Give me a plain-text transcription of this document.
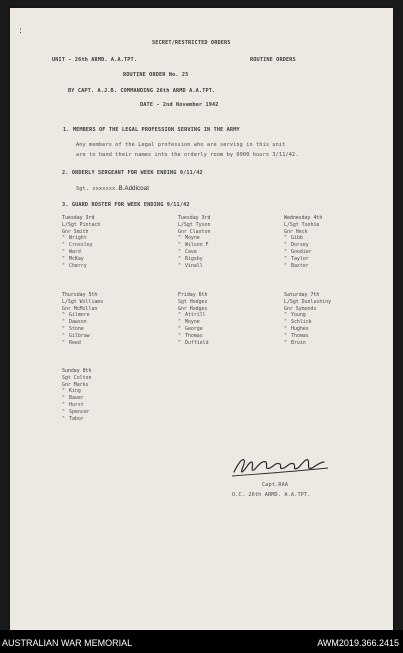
:
SECRET/RESTRICTED ORDERS
UNIT - 26th ARMD. A.A.TPT.	ROUTINE ORDERS
ROUTINE ORDER No. 25
BY CAPT. A.J.B. COMMANDING 26th ARMD A.A.TPT.
DATE - 2nd November 1942
1. MEMBERS OF THE LEGAL PROFESSION SERVING IN THE ARMY
Any members of the Legal profession who are serving in this unit
are to hand their names into the orderly room by 0900 hours 3/11/42.
2. ORDERLY SERGEANT FOR WEEK ENDING 9/11/42
Sgt. xxxxxxx.B.Addicoat
3. GUARD ROSTER FOR WEEK ENDING 9/11/42
Tuesday 3rd
L/Sgt Pintach
Gnr Smith
" Wright
" Crossley
" Ward
" McKay
" Cherry
Tuesday 3rd
L/Sgt Tyson
Gnr Claxton
" Moyne
" Wilson F
" Cave
" Rigsby
" Vinall
Wednesday 4th
L/Sgt Toohie
Gnr Heck
" Gibb
" Dorsey
" Goodier
" Taylor
" Baxter
Thursday 5th
L/Sgt Williams
Gnr McMillan
" Gilmore
" Dawson
" Stone
" Gilbraw
" Reed
Friday 6th
Sgt Hodges
Gnr Hodges
" Attrill
" Moyne
" George
" Thomas
" Duffield
Saturday 7th
L/Sgt Dunlushiny
Gnr Symonds
" Young
" Schlick
" Hughes
" Thomas
" Bruin
Sunday 8th
Sgt Colton
Gnr Marks
" King
" Bauer
" Hurst
" Spencer
" Tabor
Capt.RAA
O.C. 26th ARMD. A.A.TPT.
AUSTRALIAN WAR MEMORIAL	AWM2019.366.2415
